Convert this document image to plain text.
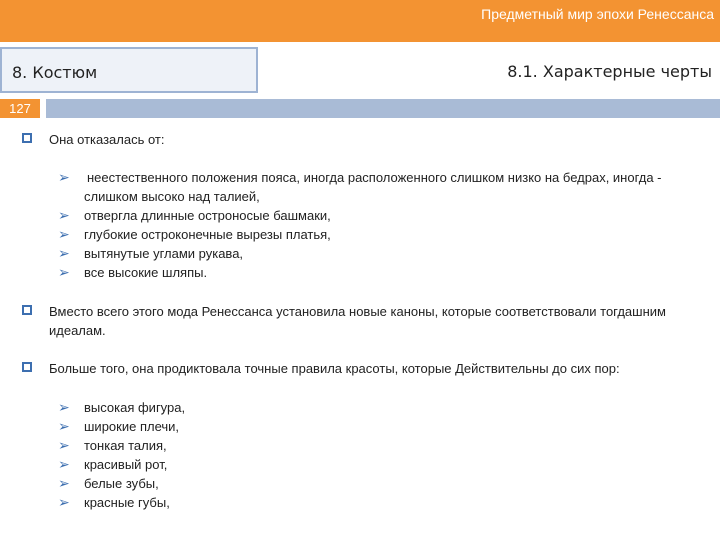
Предметный мир эпохи Ренессанса
8. Костюм	8.1. Характерные черты
127
Она отказалась от:
➢ неестественного положения пояса, иногда расположенного слишком низко на бедрах, иногда - слишком высоко над талией,
➢ отвергла длинные остроносые башмаки,
➢ глубокие остроконечные вырезы платья,
➢ вытянутые углами рукава,
➢ все высокие шляпы.
Вместо всего этого мода Ренессанса установила новые каноны, которые соответствовали тогдашним идеалам.
Больше того, она продиктовала точные правила красоты, которые Действительны до сих пор:
➢ высокая фигура,
➢ широкие плечи,
➢ тонкая талия,
➢ красивый рот,
➢ белые зубы,
➢ красные губы,
